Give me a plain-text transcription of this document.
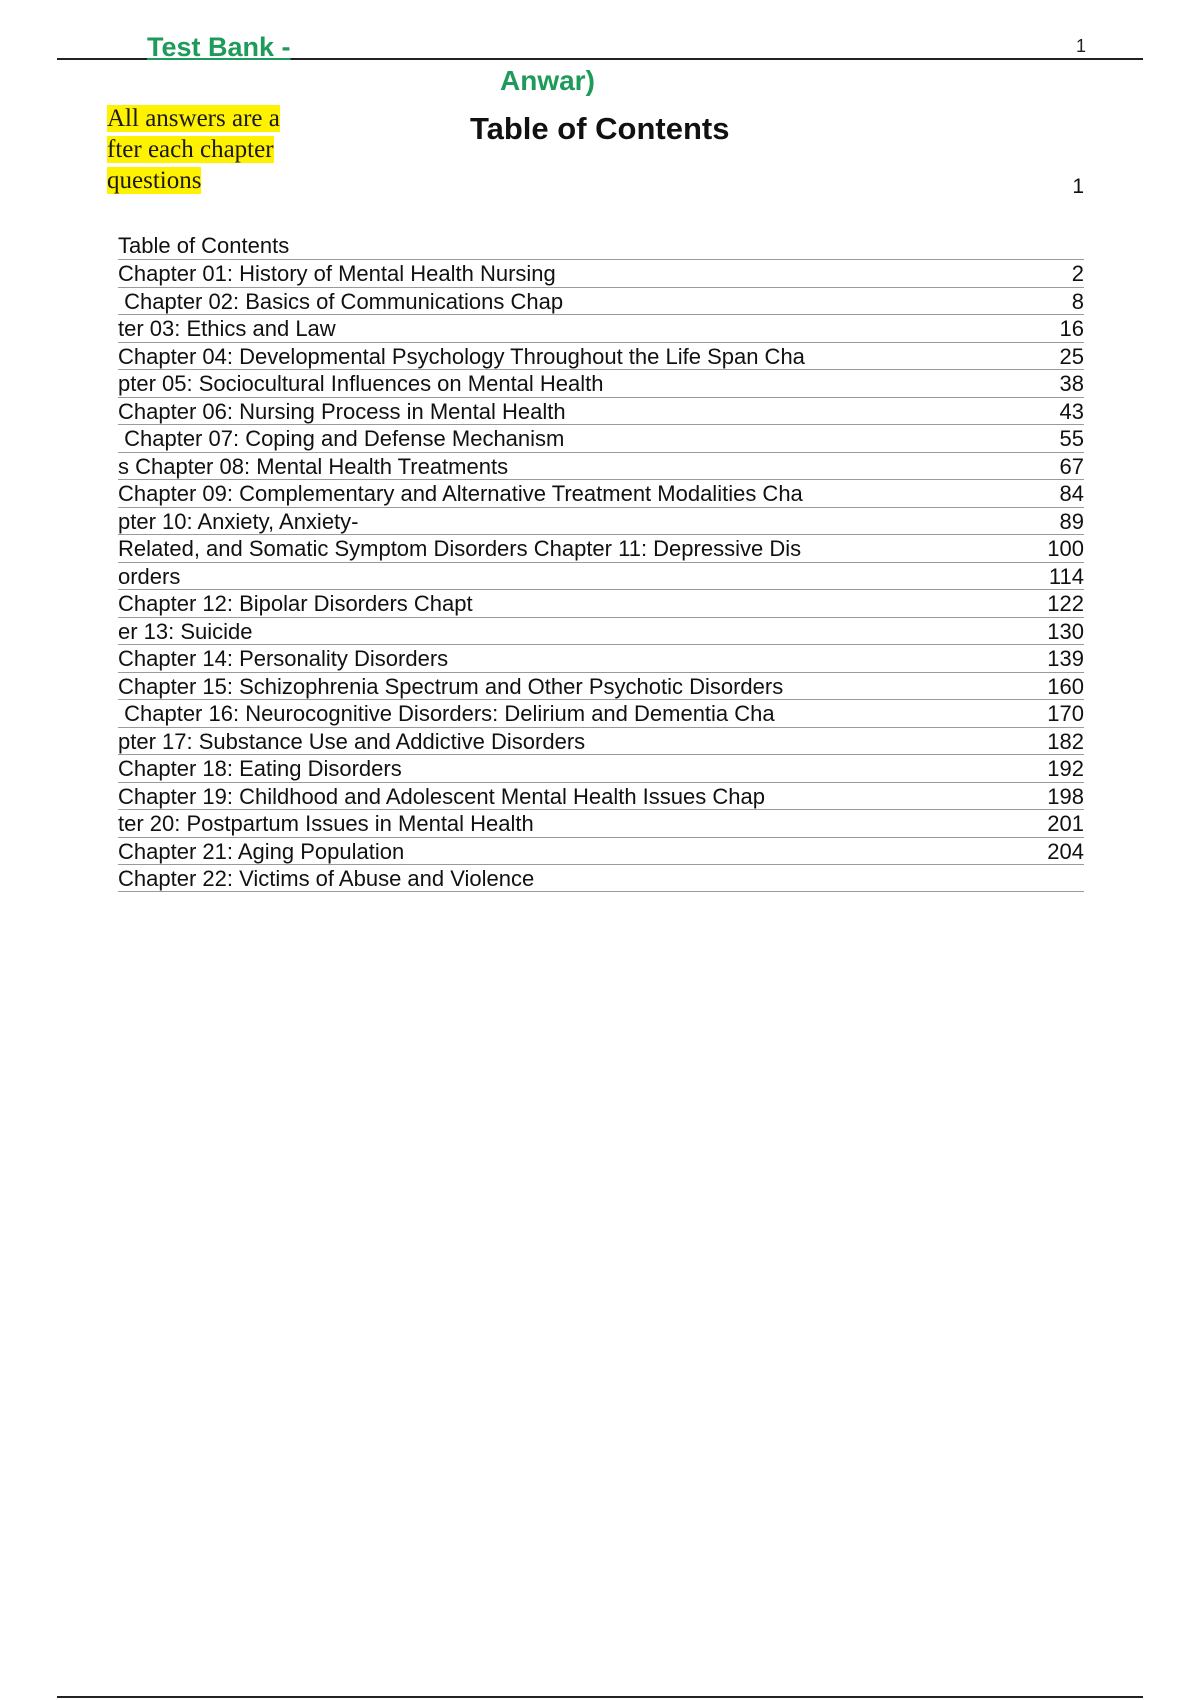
Test Bank -	1
Anwar)
All answers are a
fter each chapter
questions
Table of Contents
1
Table of Contents
Chapter 01: History of Mental Health Nursing	2
Chapter 02: Basics of Communications Chap	8
ter 03: Ethics and Law	16
Chapter 04: Developmental Psychology Throughout the Life Span Cha	25
pter 05: Sociocultural Influences on Mental Health	38
Chapter 06: Nursing Process in Mental Health	43
Chapter 07: Coping and Defense Mechanism	55
s Chapter 08: Mental Health Treatments	67
Chapter 09: Complementary and Alternative Treatment Modalities Cha	84
pter 10: Anxiety, Anxiety-	89
Related, and Somatic Symptom Disorders Chapter 11: Depressive Dis	100
orders	114
Chapter 12: Bipolar Disorders Chapt	122
er 13: Suicide	130
Chapter 14: Personality Disorders	139
Chapter 15: Schizophrenia Spectrum and Other Psychotic Disorders	160
Chapter 16: Neurocognitive Disorders: Delirium and Dementia Cha	170
pter 17: Substance Use and Addictive Disorders	182
Chapter 18: Eating Disorders	192
Chapter 19: Childhood and Adolescent Mental Health Issues Chap	198
ter 20: Postpartum Issues in Mental Health	201
Chapter 21: Aging Population	204
Chapter 22: Victims of Abuse and Violence
